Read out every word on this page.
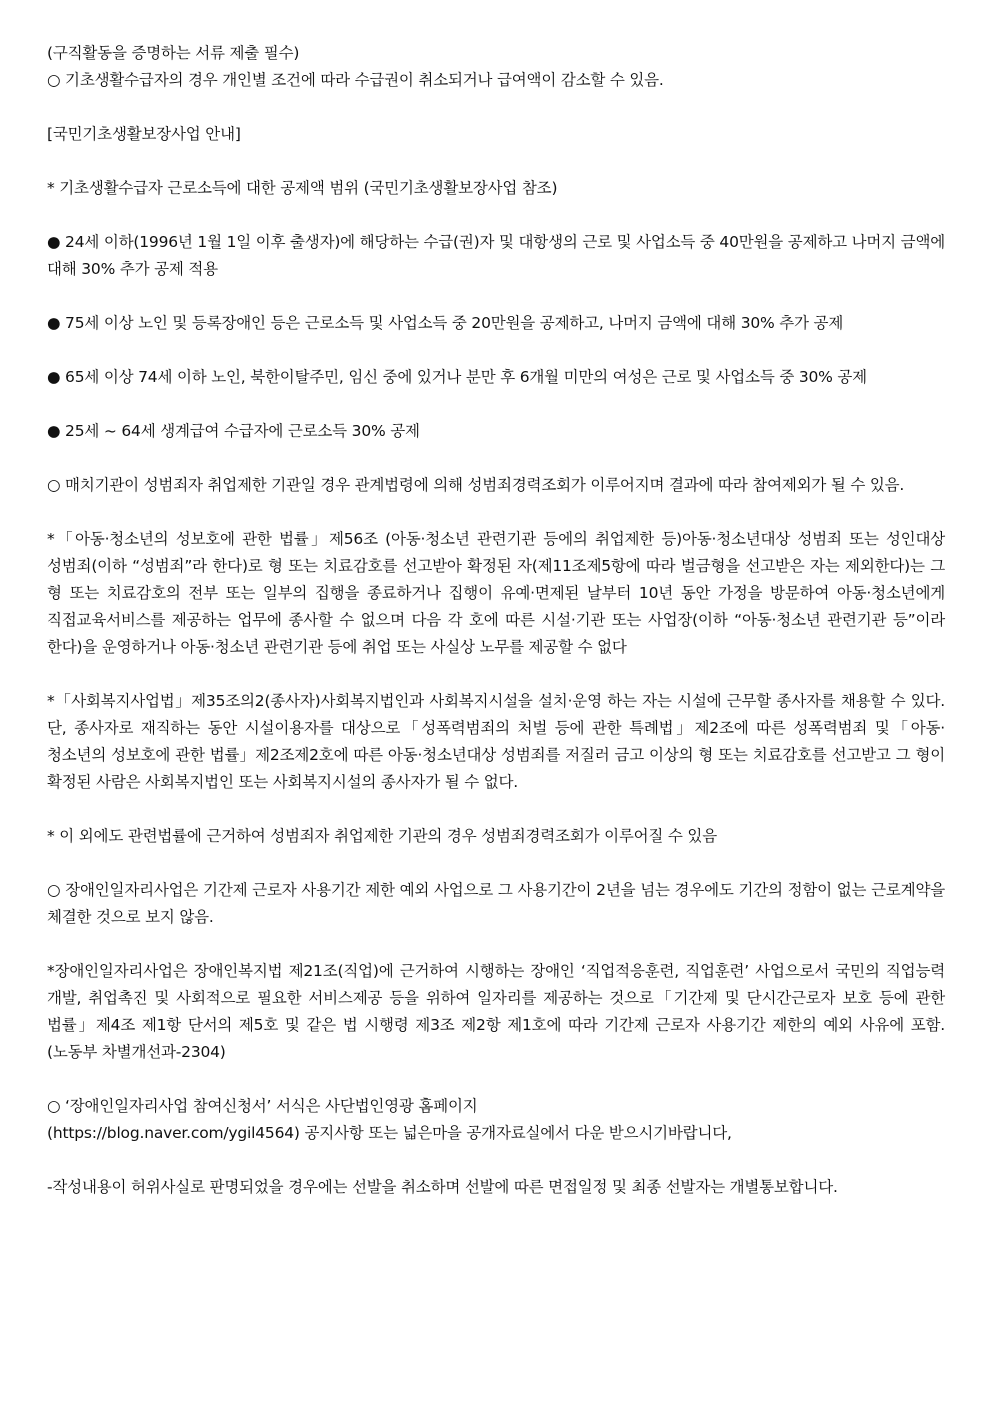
(구직활동을 증명하는 서류 제출 필수)

○ 기초생활수급자의 경우 개인별 조건에 따라 수급권이 취소되거나 급여액이 감소할 수 있음.

[국민기초생활보장사업 안내]

* 기초생활수급자 근로소득에 대한 공제액 범위 (국민기초생활보장사업 참조)

● 24세 이하(1996년 1월 1일 이후 출생자)에 해당하는 수급(권)자 및 대항생의 근로 및 사업소득 중 40만원을 공제하고 나머지 금액에 대해 30% 추가 공제 적용

● 75세 이상 노인 및 등록장애인 등은 근로소득 및 사업소득 중 20만원을 공제하고, 나머지 금액에 대해 30% 추가 공제

● 65세 이상 74세 이하 노인, 북한이탈주민, 임신 중에 있거나 분만 후 6개월 미만의 여성은 근로 및 사업소득 중 30% 공제

● 25세 ~ 64세 생계급여 수급자에 근로소득 30% 공제

○ 매치기관이 성범죄자 취업제한 기관일 경우 관계법령에 의해 성범죄경력조회가 이루어지며 결과에 따라 참여제외가 될 수 있음.

*「아동·청소년의 성보호에 관한 법률」제56조 (아동·청소년 관련기관 등에의 취업제한 등)아동·청소년대상 성범죄 또는 성인대상 성범죄(이하 “성범죄”라 한다)로 형 또는 치료감호를 선고받아 확정된 자(제11조제5항에 따라 벌금형을 선고받은 자는 제외한다)는 그 형 또는 치료감호의 전부 또는 일부의 집행을 종료하거나 집행이 유예·면제된 날부터 10년 동안 가정을 방문하여 아동·청소년에게 직접교육서비스를 제공하는 업무에 종사할 수 없으며 다음 각 호에 따른 시설·기관 또는 사업장(이하 “아동·청소년 관련기관 등”이라 한다)을 운영하거나 아동·청소년 관련기관 등에 취업 또는 사실상 노무를 제공할 수 없다

*「사회복지사업법」제35조의2(종사자)사회복지법인과 사회복지시설을 설치·운영 하는 자는 시설에 근무할 종사자를 채용할 수 있다. 단, 종사자로 재직하는 동안 시설이용자를 대상으로「성폭력범죄의 처벌 등에 관한 특례법」제2조에 따른 성폭력범죄 및「아동·청소년의 성보호에 관한 법률」제2조제2호에 따른 아동·청소년대상 성범죄를 저질러 금고 이상의 형 또는 치료감호를 선고받고 그 형이 확정된 사람은 사회복지법인 또는 사회복지시설의 종사자가 될 수 없다.

* 이 외에도 관련법률에 근거하여 성범죄자 취업제한 기관의 경우 성범죄경력조회가 이루어질 수 있음

○ 장애인일자리사업은 기간제 근로자 사용기간 제한 예외 사업으로 그 사용기간이 2년을 넘는 경우에도 기간의 정함이 없는 근로계약을 체결한 것으로 보지 않음.

*장애인일자리사업은 장애인복지법 제21조(직업)에 근거하여 시행하는 장애인 ‘직업적응훈련, 직업훈련’ 사업으로서 국민의 직업능력 개발, 취업촉진 및 사회적으로 필요한 서비스제공 등을 위하여 일자리를 제공하는 것으로「기간제 및 단시간근로자 보호 등에 관한 법률」제4조 제1항 단서의 제5호 및 같은 법 시행령 제3조 제2항 제1호에 따라 기간제 근로자 사용기간 제한의 예외 사유에 포함. (노동부 차별개선과-2304)

○ ‘장애인일자리사업 참여신청서’ 서식은 사단법인영광 홈페이지

(https://blog.naver.com/ygil4564) 공지사항 또는 넓은마을 공개자료실에서 다운 받으시기바랍니다,

-작성내용이 허위사실로 판명되었을 경우에는 선발을 취소하며 선발에 따른 면접일정 및 최종 선발자는 개별통보합니다.
